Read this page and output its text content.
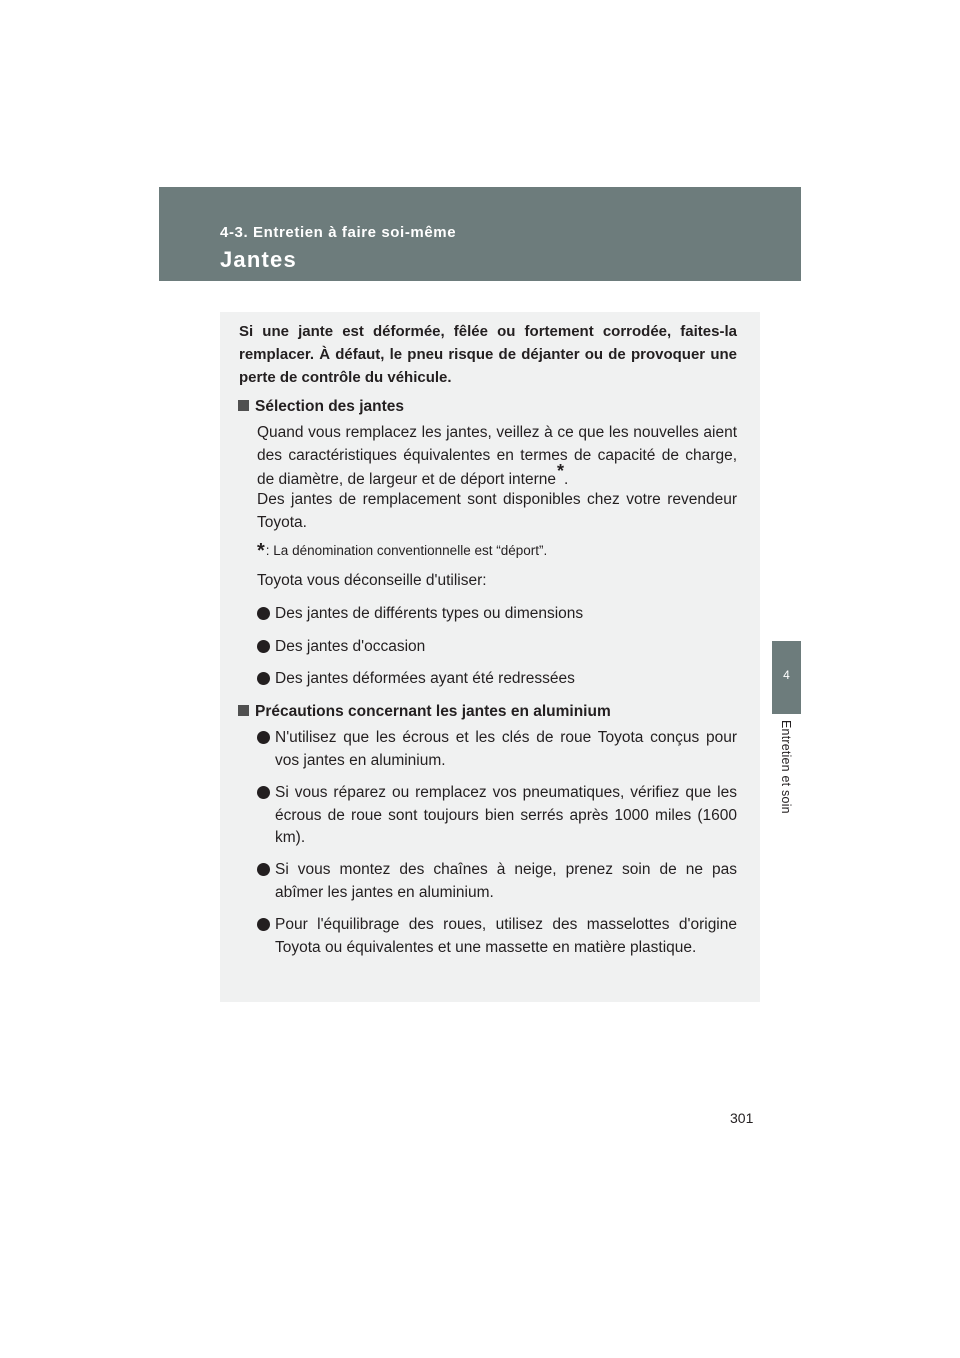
4-3. Entretien à faire soi-même
Jantes
4
Entretien et soin
Si une jante est déformée, fêlée ou fortement corrodée, faites-la remplacer. À défaut, le pneu risque de déjanter ou de provoquer une perte de contrôle du véhicule.
Sélection des jantes
Quand vous remplacez les jantes, veillez à ce que les nouvelles aient des caractéristiques équivalentes en termes de capacité de charge, de diamètre, de largeur et de déport interne*.
Des jantes de remplacement sont disponibles chez votre revendeur Toyota.
*: La dénomination conventionnelle est “déport”.
Toyota vous déconseille d'utiliser:
Des jantes de différents types ou dimensions
Des jantes d'occasion
Des jantes déformées ayant été redressées
Précautions concernant les jantes en aluminium
N'utilisez que les écrous et les clés de roue Toyota conçus pour vos jantes en aluminium.
Si vous réparez ou remplacez vos pneumatiques, vérifiez que les écrous de roue sont toujours bien serrés après 1000 miles (1600 km).
Si vous montez des chaînes à neige, prenez soin de ne pas abîmer les jantes en aluminium.
Pour l'équilibrage des roues, utilisez des masselottes d'origine Toyota ou équivalentes et une massette en matière plastique.
301
